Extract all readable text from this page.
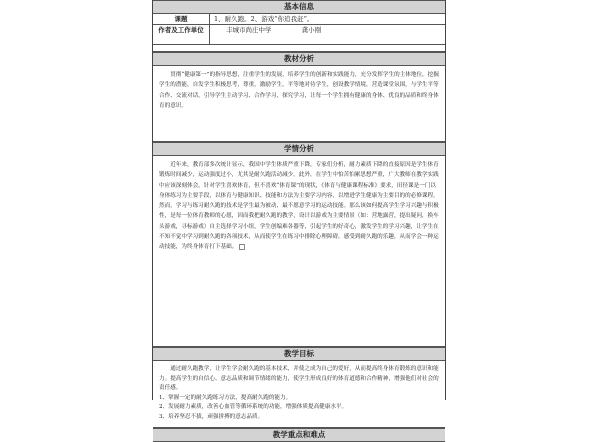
基本信息
课题	1、耐久跑。2、游戏“你追我赶”。
作者及工作单位	丰城市尚庄中学	龚小刚
教材分析

贯彻“健康第一”的指导思想，注重学生的发展，培养学生的创新和实践能力，充分发挥学生的主体地位，挖掘学生的潜能，自发学生积极思考，尊重，激励学生，平等地对待学生，创设教学情境，营造课堂氛围，与学生平等合作、交流对话，引导学生主动学习、合作学习，探究学习，让每一个学生拥有健康的身体、优良的品质和终身体育的意识。

学情分析

近年来，教育部多次统计显示，我国中学生体质严重下降，专家们分析，耐力素质下降的直接原因是学生体育锻炼时间减少，运动强度过小，尤其是耐久跑活动减少。此外，在学生中怕苦怕累思想严重，广大教师在教学实践中应该深刻体会，针对学生喜欢体育，但不喜欢“体育课”的现状，《体育与健康课程标准》要求，田径课是一门以身体练习为主要手段，以体育与健康知识、技能和方法为主要学习内容，以增进学生健康为主要目的的必修课程。然而，学习与练习耐久跑的技术是学生最为被动，最不愿意学习的运动技能。那么该如何提高学生学习兴趣与积极性，是每一位体育教师的心愿，因而我把耐久跑的教学，设计以游戏为主要情景（如：营地露营，提出疑问，换车头游戏，寻标游戏）自主选择学习小组，学生创编难各器等，引起学生的好奇心，激发学生的学习兴趣，让学生在不知不觉中学习到耐久跑的各项技术，从而使学生在练习中排除心理障碍，感受到耐久跑的乐趣，从而学会一种运动技能，为终身体育打下基础。

教学目标

通过耐久跑教学，让学生学会耐久跑的基本技术，并使之成为自己的爱好，从而提高终身体育锻炼的意识和能力。提高学生的自信心、意志品质和调节情绪的能力，使学生形成良好的体育道德和合作精神，增强他们对社会的责任感。

1、掌握一定的耐久跑练习方法，提高耐久跑的能力。

2、发展耐力素质，改善心血管等循环系统的功能，增强体质提高健康水平。

3、培养坚忍不拔，顽强拼搏的意志品质。

教学重点和难点
